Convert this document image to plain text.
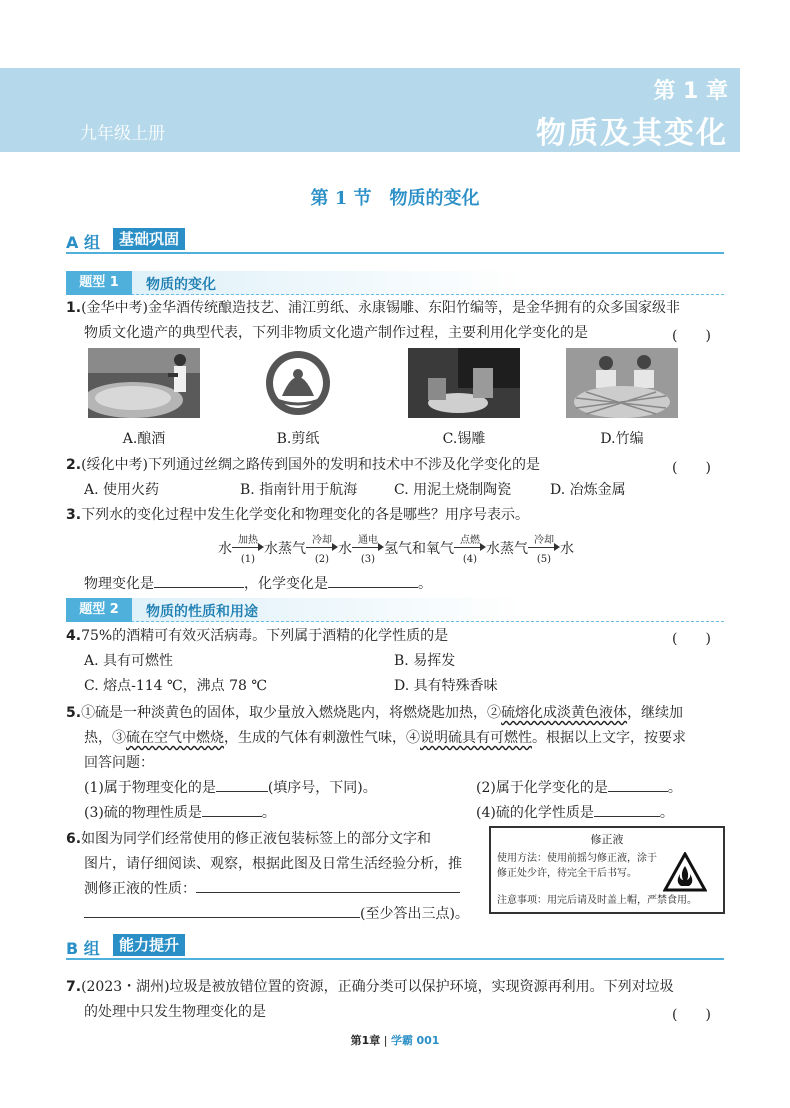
九年级上册
第 1 章
物质及其变化
第 1 节　物质的变化
A 组	基础巩固
题型 1	物质的变化
1.(金华中考)金华酒传统酿造技艺、浦江剪纸、永康锡雕、东阳竹编等，是金华拥有的众多国家级非
物质文化遗产的典型代表，下列非物质文化遗产制作过程，主要利用化学变化的是	(　　)
A.酿酒	B.剪纸	C.锡雕	D.竹编
2.(绥化中考)下列通过丝绸之路传到国外的发明和技术中不涉及化学变化的是	(　　)
A. 使用火药	B. 指南针用于航海	C. 用泥土烧制陶瓷	D. 冶炼金属
3.下列水的变化过程中发生化学变化和物理变化的各是哪些？用序号表示。
水
加热
(1)
水蒸气
冷却
(2)
水
通电
(3)
氢气和氧气
点燃
(4)
水蒸气
冷却
(5)
水
物理变化是	，化学变化是	。
题型 2	物质的性质和用途
4.75%的酒精可有效灭活病毒。下列属于酒精的化学性质的是	(　　)
A. 具有可燃性	B. 易挥发
C. 熔点-114 ℃，沸点 78 ℃	D. 具有特殊香味
5.①硫是一种淡黄色的固体，取少量放入燃烧匙内，将燃烧匙加热，②硫熔化成淡黄色液体，继续加
热，③硫在空气中燃烧，生成的气体有刺激性气味，④说明硫具有可燃性。根据以上文字，按要求
回答问题：
(1)属于物理变化的是	(填序号，下同)。	(2)属于化学变化的是	。
(3)硫的物理性质是	。	(4)硫的化学性质是	。
6.如图为同学们经常使用的修正液包装标签上的部分文字和
图片，请仔细阅读、观察，根据此图及日常生活经验分析，推
测修正液的性质：
(至少答出三点)。
修正液
使用方法：使用前摇匀修正液，涂于修正处少许，待完全干后书写。
注意事项：用完后请及时盖上帽，严禁食用。
B 组	能力提升
7.(2023・湖州)垃圾是被放错位置的资源，正确分类可以保护环境，实现资源再利用。下列对垃圾
的处理中只发生物理变化的是	(　　)
第1章 | 学霸 001
